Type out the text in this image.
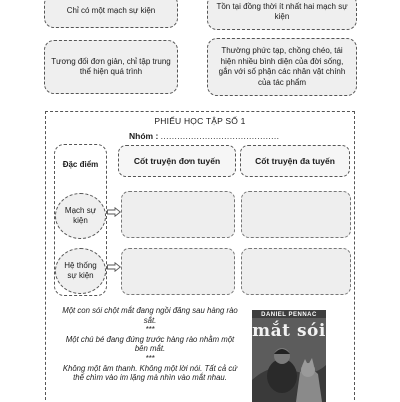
Chỉ có một mạch sự kiện	Tồn tại đồng thời ít nhất hai mạch sự kiện
Tương đối đơn giản, chỉ tập trung thể hiện quá trình
Thường phức tạp, chồng chéo, tái hiện nhiều bình diện của đời sống, gắn với số phận các nhân vật chính của tác phẩm
PHIẾU HỌC TẬP SỐ 1
Nhóm : ...........................................
Đặc điểm
Mạch sự kiện
Hệ thống sự kiện
Cốt truyện đơn tuyến	Cốt truyện đa tuyến

Một con sói chột mắt đang ngồi đăng sau hàng rào sắt.

***

Một chú bé đang đứng trước hàng rào nhằm một bên mắt.

***

Không một âm thanh. Không một lời nói. Tất cả cứ thế chìm vào im lặng mà nhìn vào mắt nhau.

DANIEL PENNAC
mắt sói
